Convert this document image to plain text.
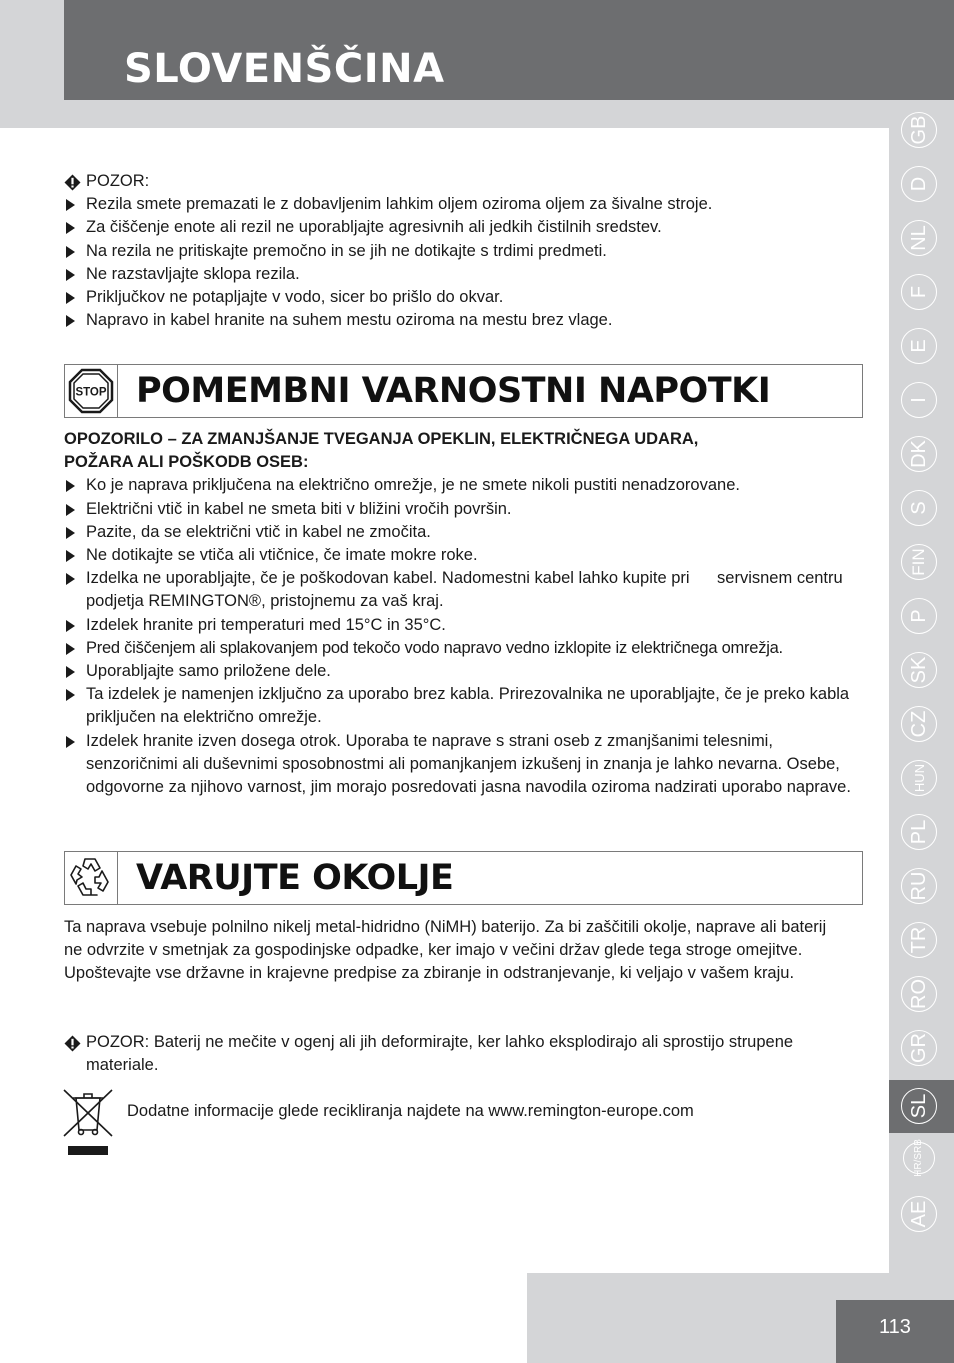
SLOVENŠČINA
POZOR:
Rezila smete premazati le z dobavljenim lahkim oljem oziroma oljem za šivalne stroje.
Za čiščenje enote ali rezil ne uporabljajte agresivnih ali jedkih čistilnih sredstev.
Na rezila ne pritiskajte premočno in se jih ne dotikajte s trdimi predmeti.
Ne razstavljajte sklopa rezila.
Priključkov ne potapljajte v vodo, sicer bo prišlo do okvar.
Napravo in kabel hranite na suhem mestu oziroma na mestu brez vlage.
STOP POMEMBNI VARNOSTNI NAPOTKI
OPOZORILO – ZA ZMANJŠANJE TVEGANJA OPEKLIN, ELEKTRIČNEGA UDARA,
POŽARA ALI POŠKODB OSEB:
Ko je naprava priključena na električno omrežje, je ne smete nikoli pustiti nenadzorovane.
Električni vtič in kabel ne smeta biti v bližini vročih površin.
Pazite, da se električni vtič in kabel ne zmočita.
Ne dotikajte se vtiča ali vtičnice, če imate mokre roke.
Izdelka ne uporabljajte, če je poškodovan kabel. Nadomestni kabel lahko kupite pri      servisnem centru podjetja REMINGTON®, pristojnemu za vaš kraj.
Izdelek hranite pri temperaturi med 15°C in 35°C.
Pred čiščenjem ali splakovanjem pod tekočo vodo napravo vedno izklopite iz električnega omrežja.
Uporabljajte samo priložene dele.
Ta izdelek je namenjen izključno za uporabo brez kabla. Prirezovalnika ne uporabljajte, če je preko kabla priključen na električno omrežje.
Izdelek hranite izven dosega otrok. Uporaba te naprave s strani oseb z zmanjšanimi telesnimi, senzoričnimi ali duševnimi sposobnostmi ali pomanjkanjem izkušenj in znanja je lahko nevarna. Osebe, odgovorne za njihovo varnost, jim morajo posredovati jasna navodila oziroma nadzirati uporabo naprave.
VARUJTE OKOLJE
Ta naprava vsebuje polnilno nikelj metal-hidridno (NiMH) baterijo. Za bi zaščitili okolje, naprave ali baterij ne odvrzite v smetnjak za gospodinjske odpadke, ker imajo v večini držav glede tega stroge omejitve. Upoštevajte vse državne in krajevne predpise za zbiranje in odstranjevanje, ki veljajo v vašem kraju.
POZOR: Baterij ne mečite v ogenj ali jih deformirajte, ker lahko eksplodirajo ali sprostijo strupene materiale.
Dodatne informacije glede recikliranja najdete na www.remington-europe.com
GB
D
NL
F
E
I
DK
S
FIN
P
SK
CZ
HUN
PL
RU
TR
RO
GR
SL
HR/SRB
AE
113
